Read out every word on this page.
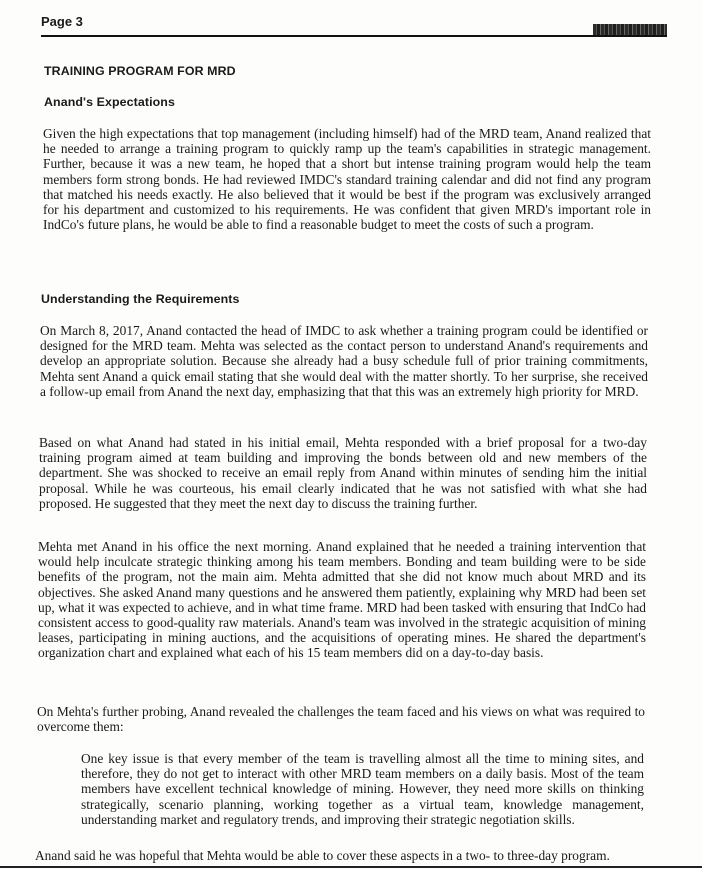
Page 3
TRAINING PROGRAM FOR MRD
Anand's Expectations

Given the high expectations that top management (including himself) had of the MRD team, Anand realized that he needed to arrange a training program to quickly ramp up the team's capabilities in strategic management. Further, because it was a new team, he hoped that a short but intense training program would help the team members form strong bonds. He had reviewed IMDC's standard training calendar and did not find any program that matched his needs exactly. He also believed that it would be best if the program was exclusively arranged for his department and customized to his requirements. He was confident that given MRD's important role in IndCo's future plans, he would be able to find a reasonable budget to meet the costs of such a program.

Understanding the Requirements

On March 8, 2017, Anand contacted the head of IMDC to ask whether a training program could be identified or designed for the MRD team. Mehta was selected as the contact person to understand Anand's requirements and develop an appropriate solution. Because she already had a busy schedule full of prior training commitments, Mehta sent Anand a quick email stating that she would deal with the matter shortly. To her surprise, she received a follow-up email from Anand the next day, emphasizing that that this was an extremely high priority for MRD.

Based on what Anand had stated in his initial email, Mehta responded with a brief proposal for a two-day training program aimed at team building and improving the bonds between old and new members of the department. She was shocked to receive an email reply from Anand within minutes of sending him the initial proposal. While he was courteous, his email clearly indicated that he was not satisfied with what she had proposed. He suggested that they meet the next day to discuss the training further.

Mehta met Anand in his office the next morning. Anand explained that he needed a training intervention that would help inculcate strategic thinking among his team members. Bonding and team building were to be side benefits of the program, not the main aim. Mehta admitted that she did not know much about MRD and its objectives. She asked Anand many questions and he answered them patiently, explaining why MRD had been set up, what it was expected to achieve, and in what time frame. MRD had been tasked with ensuring that IndCo had consistent access to good-quality raw materials. Anand's team was involved in the strategic acquisition of mining leases, participating in mining auctions, and the acquisitions of operating mines. He shared the department's organization chart and explained what each of his 15 team members did on a day-to-day basis.

On Mehta's further probing, Anand revealed the challenges the team faced and his views on what was required to overcome them:

One key issue is that every member of the team is travelling almost all the time to mining sites, and therefore, they do not get to interact with other MRD team members on a daily basis. Most of the team members have excellent technical knowledge of mining. However, they need more skills on thinking strategically, scenario planning, working together as a virtual team, knowledge management, understanding market and regulatory trends, and improving their strategic negotiation skills.

Anand said he was hopeful that Mehta would be able to cover these aspects in a two- to three-day program.
